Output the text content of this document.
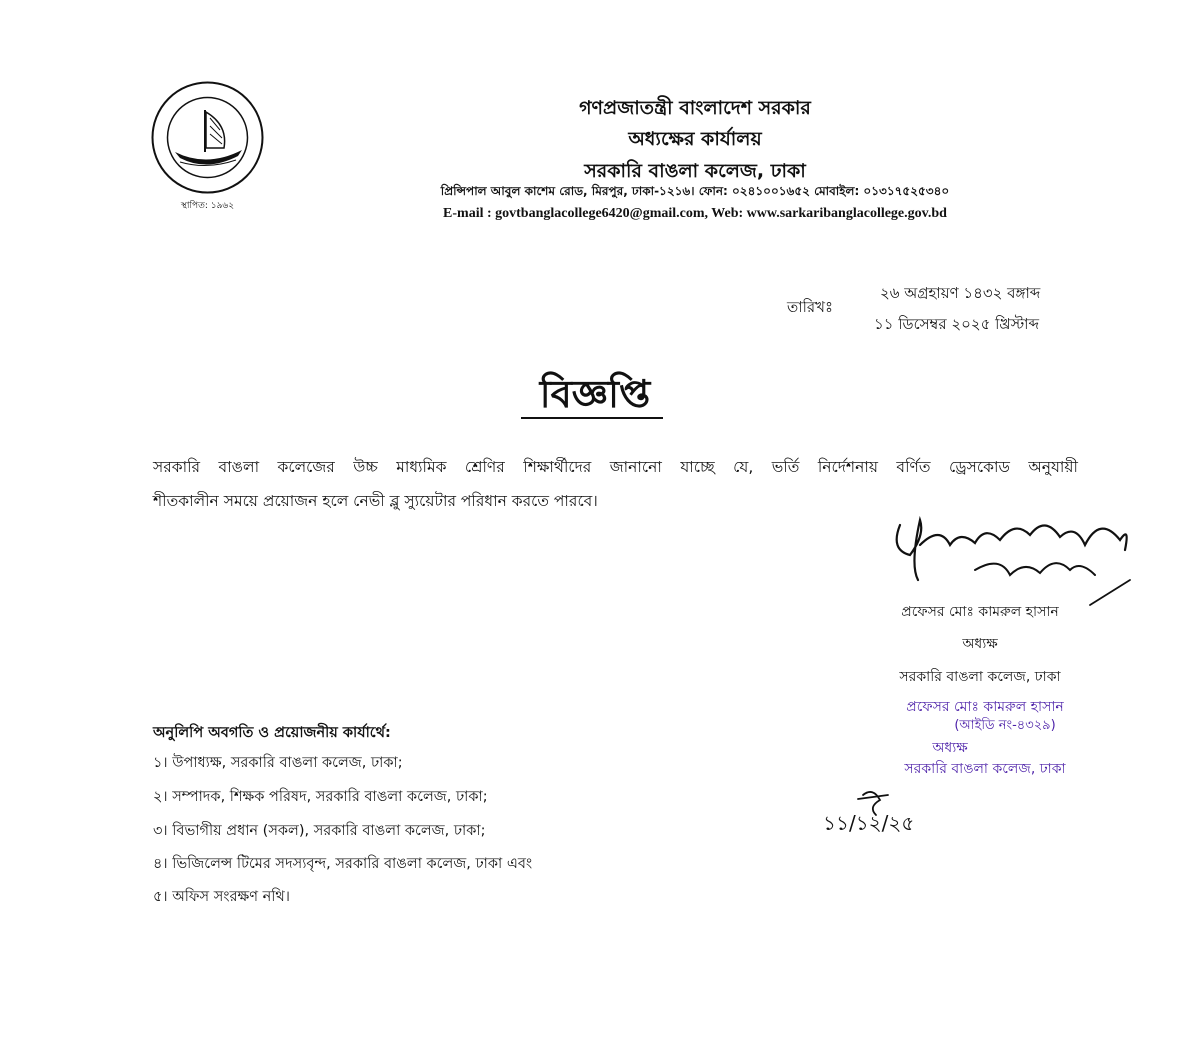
স্থাপিত: ১৯৬২
গণপ্রজাতন্ত্রী বাংলাদেশ সরকার
অধ্যক্ষের কার্যালয়
সরকারি বাঙলা কলেজ, ঢাকা
প্রিন্সিপাল আবুল কাশেম রোড, মিরপুর, ঢাকা-১২১৬। ফোন: ০২৪১০০১৬৫২ মোবাইল: ০১৩১৭৫২৫৩৪০
E-mail : govtbanglacollege6420@gmail.com, Web: www.sarkaribanglacollege.gov.bd
তারিখঃ
২৬ অগ্রহায়ণ ১৪৩২ বঙ্গাব্দ
১১ ডিসেম্বর ২০২৫ খ্রিস্টাব্দ
বিজ্ঞপ্তি
সরকারি বাঙলা কলেজের উচ্চ মাধ্যমিক শ্রেণির শিক্ষার্থীদের জানানো যাচ্ছে যে, ভর্তি নির্দেশনায় বর্ণিত ড্রেসকোড অনুযায়ী
শীতকালীন সময়ে প্রয়োজন হলে নেভী ব্লু স্যুয়েটার পরিধান করতে পারবে।
প্রফেসর মোঃ কামরুল হাসান
অধ্যক্ষ
সরকারি বাঙলা কলেজ, ঢাকা
প্রফেসর মোঃ কামরুল হাসান
(আইডি নং-৪৩২৯)
অধ্যক্ষ
সরকারি বাঙলা কলেজ, ঢাকা
১১/১২/২৫
অনুলিপি অবগতি ও প্রয়োজনীয় কার্যার্থে:
১। উপাধ্যক্ষ, সরকারি বাঙলা কলেজ, ঢাকা;
২। সম্পাদক, শিক্ষক পরিষদ, সরকারি বাঙলা কলেজ, ঢাকা;
৩। বিভাগীয় প্রধান (সকল), সরকারি বাঙলা কলেজ, ঢাকা;
৪। ভিজিলেন্স টিমের সদস্যবৃন্দ, সরকারি বাঙলা কলেজ, ঢাকা এবং
৫। অফিস সংরক্ষণ নথি।
